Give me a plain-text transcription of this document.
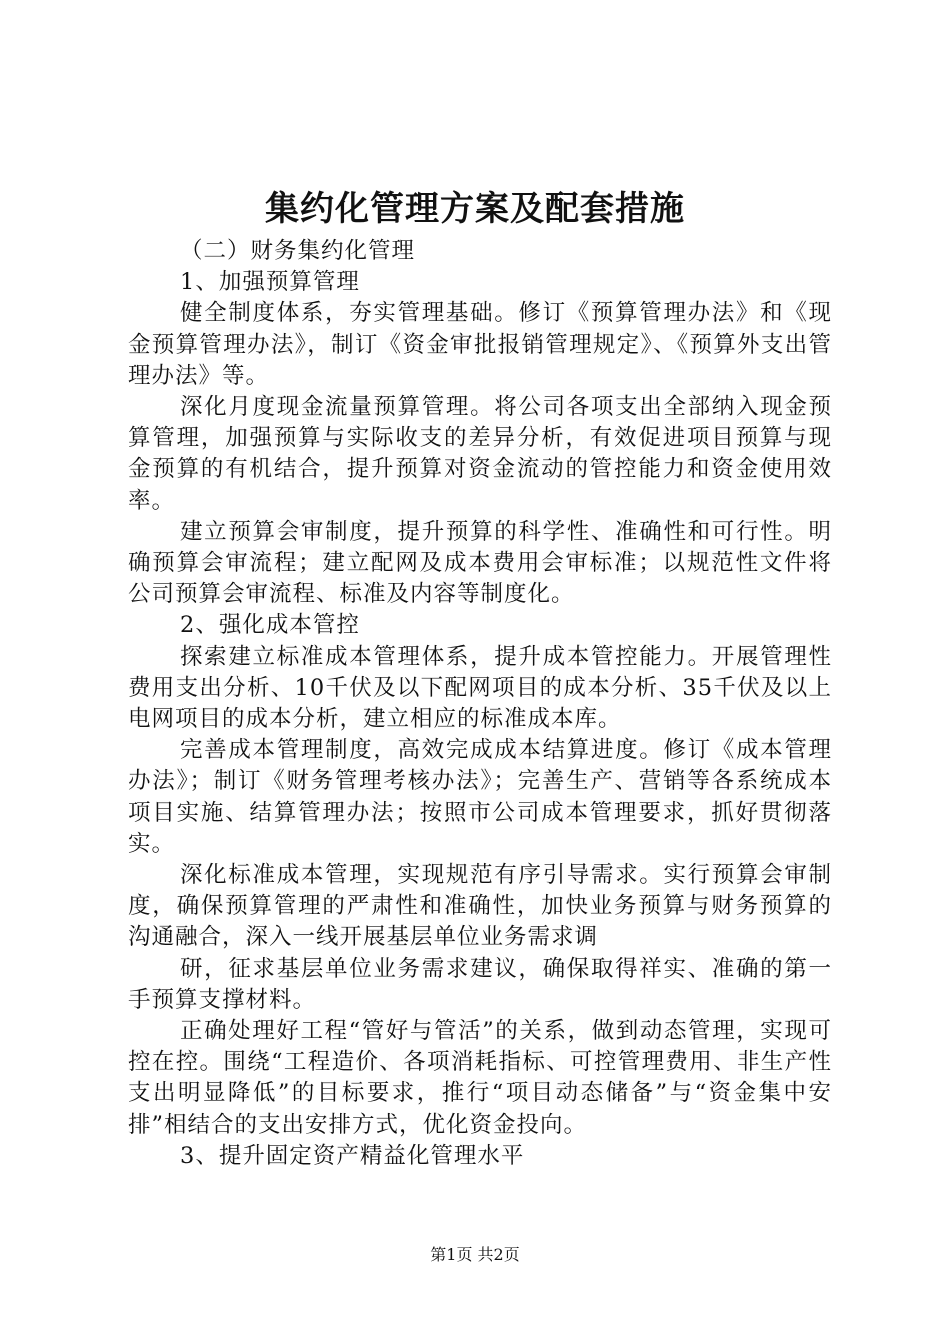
集约化管理方案及配套措施

（二）财务集约化管理

1、加强预算管理

健全制度体系，夯实管理基础。修订《预算管理办法》和《现金预算管理办法》，制订《资金审批报销管理规定》、《预算外支出管理办法》等。

深化月度现金流量预算管理。将公司各项支出全部纳入现金预算管理，加强预算与实际收支的差异分析，有效促进项目预算与现金预算的有机结合，提升预算对资金流动的管控能力和资金使用效率。

建立预算会审制度，提升预算的科学性、准确性和可行性。明确预算会审流程；建立配网及成本费用会审标准；以规范性文件将公司预算会审流程、标准及内容等制度化。

2、强化成本管控

探索建立标准成本管理体系，提升成本管控能力。开展管理性费用支出分析、10千伏及以下配网项目的成本分析、35千伏及以上电网项目的成本分析，建立相应的标准成本库。

完善成本管理制度，高效完成成本结算进度。修订《成本管理办法》；制订《财务管理考核办法》；完善生产、营销等各系统成本项目实施、结算管理办法；按照市公司成本管理要求，抓好贯彻落实。

深化标准成本管理，实现规范有序引导需求。实行预算会审制度，确保预算管理的严肃性和准确性，加快业务预算与财务预算的沟通融合，深入一线开展基层单位业务需求调

研，征求基层单位业务需求建议，确保取得祥实、准确的第一手预算支撑材料。

正确处理好工程“管好与管活”的关系，做到动态管理，实现可控在控。围绕“工程造价、各项消耗指标、可控管理费用、非生产性支出明显降低”的目标要求，推行“项目动态储备”与“资金集中安排”相结合的支出安排方式，优化资金投向。

3、提升固定资产精益化管理水平

第1页 共2页
